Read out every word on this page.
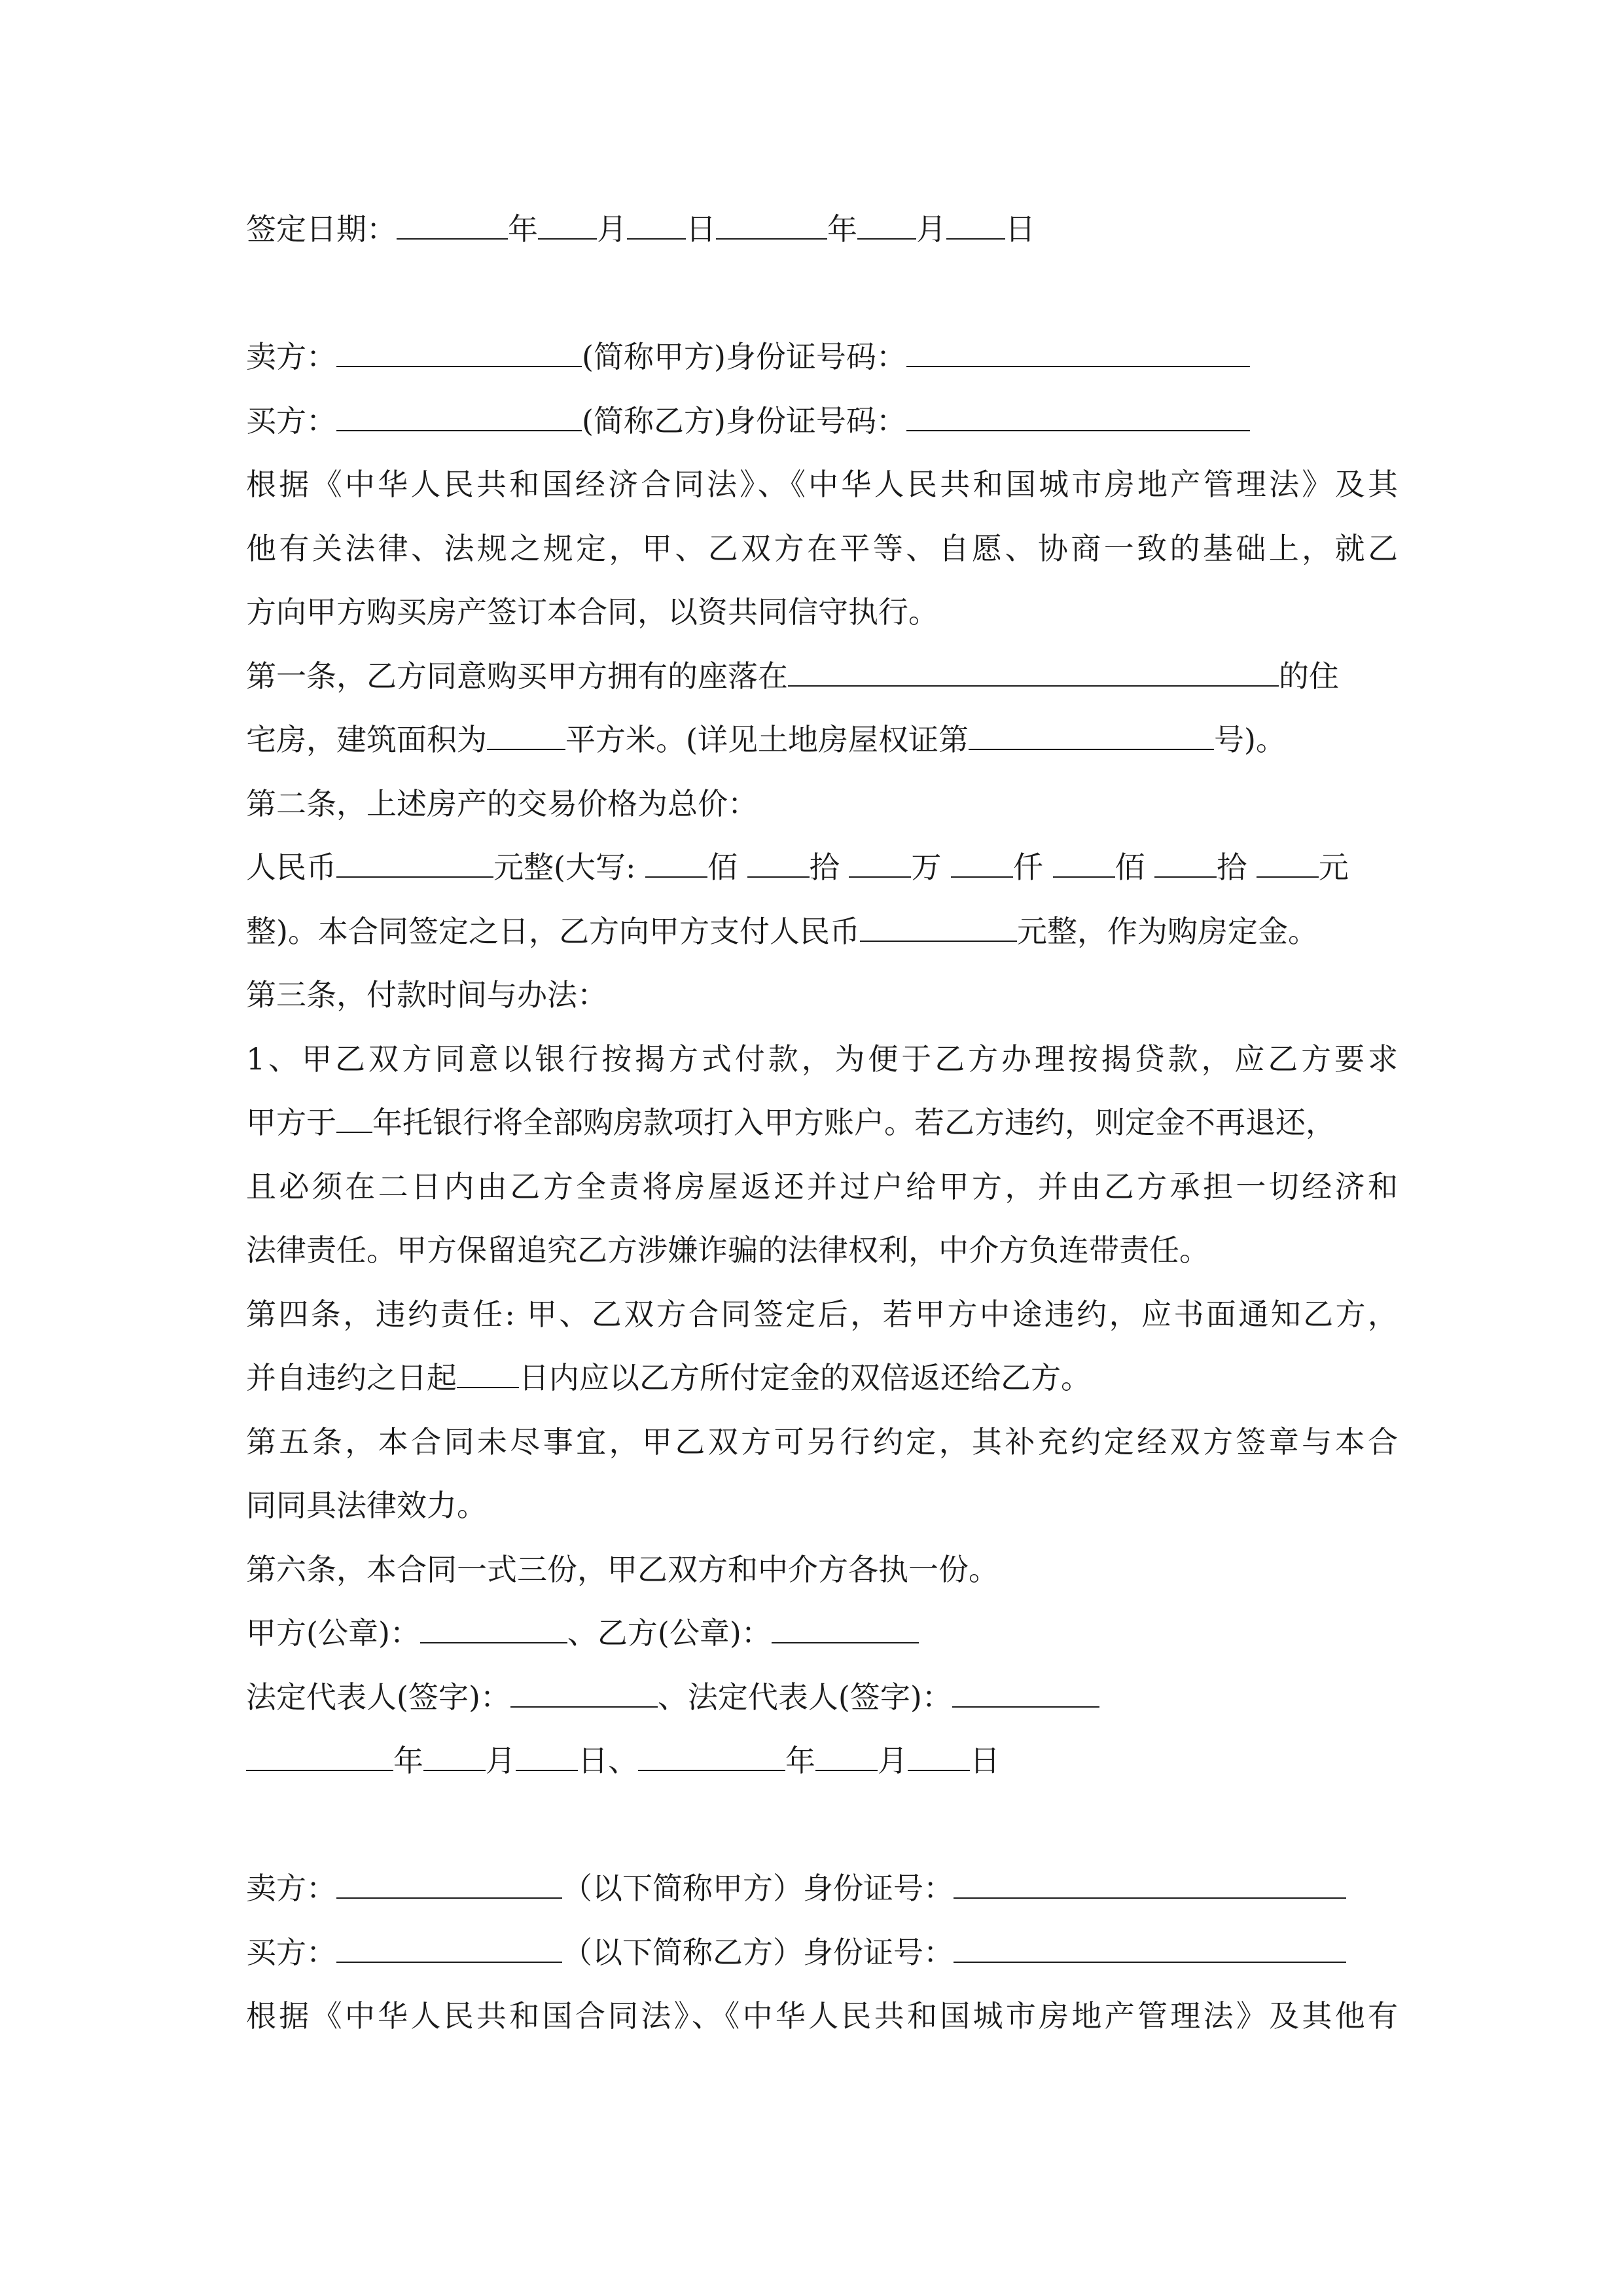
签定日期：	年 月 日	年 月 日
卖方：	(简称甲方)身份证号码：
买方：	(简称乙方)身份证号码：
根据《中华人民共和国经济合同法》、《中华人民共和国城市房地产管理法》及其
他有关法律、法规之规定，甲、乙双方在平等、自愿、协商一致的基础上，就乙
方向甲方购买房产签订本合同，以资共同信守执行。
第一条，乙方同意购买甲方拥有的座落在	的住
宅房，建筑面积为	平方米。(详见土地房屋权证第	号)。
第二条，上述房产的交易价格为总价：
人民币	元整(大写: 佰 拾 万 仟 佰 拾 元
整)。本合同签定之日，乙方向甲方支付人民币	元整，作为购房定金。
第三条，付款时间与办法：
1、甲乙双方同意以银行按揭方式付款，为便于乙方办理按揭贷款，应乙方要求
甲方于 年托银行将全部购房款项打入甲方账户。若乙方违约，则定金不再退还，
且必须在二日内由乙方全责将房屋返还并过户给甲方，并由乙方承担一切经济和
法律责任。甲方保留追究乙方涉嫌诈骗的法律权利，中介方负连带责任。
第四条，违约责任: 甲、乙双方合同签定后，若甲方中途违约，应书面通知乙方，
并自违约之日起 日内应以乙方所付定金的双倍返还给乙方。
第五条，本合同未尽事宜，甲乙双方可另行约定，其补充约定经双方签章与本合
同同具法律效力。
第六条，本合同一式三份，甲乙双方和中介方各执一份。
甲方(公章)：	、乙方(公章)：
法定代表人(签字)：	、法定代表人(签字)：
年 月 日、	年 月 日
卖方：	（以下简称甲方）身份证号：
买方：	（以下简称乙方）身份证号：
根据《中华人民共和国合同法》、《中华人民共和国城市房地产管理法》及其他有
